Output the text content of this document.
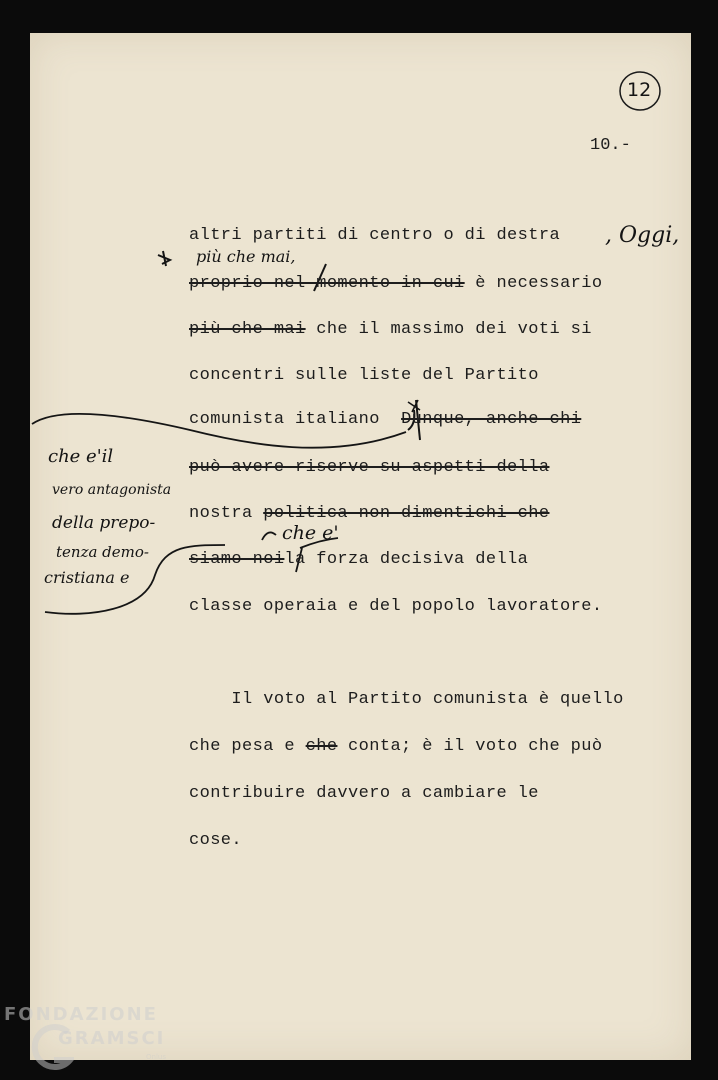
10.-
12
altri partiti di centro o di destra , Oggi,
più che mai,
proprio nel momento in cui è necessario
più che mai che il massimo dei voti si
concentri sulle liste del Partito
comunista italiano Dunque, anche chi
può avere riserve su aspetti della
nostra politica non dimentichi che
che e'
siamo noila forza decisiva della
classe operaia e del popolo lavoratore.
Il voto al Partito comunista è quello
che pesa e che conta; è il voto che può
contribuire davvero a cambiare le
cose.
che e'il
vero antagonista
della prepo-
tenza demo-
cristiana e
FONDAZIONE
GRAMSCI
Onlus
